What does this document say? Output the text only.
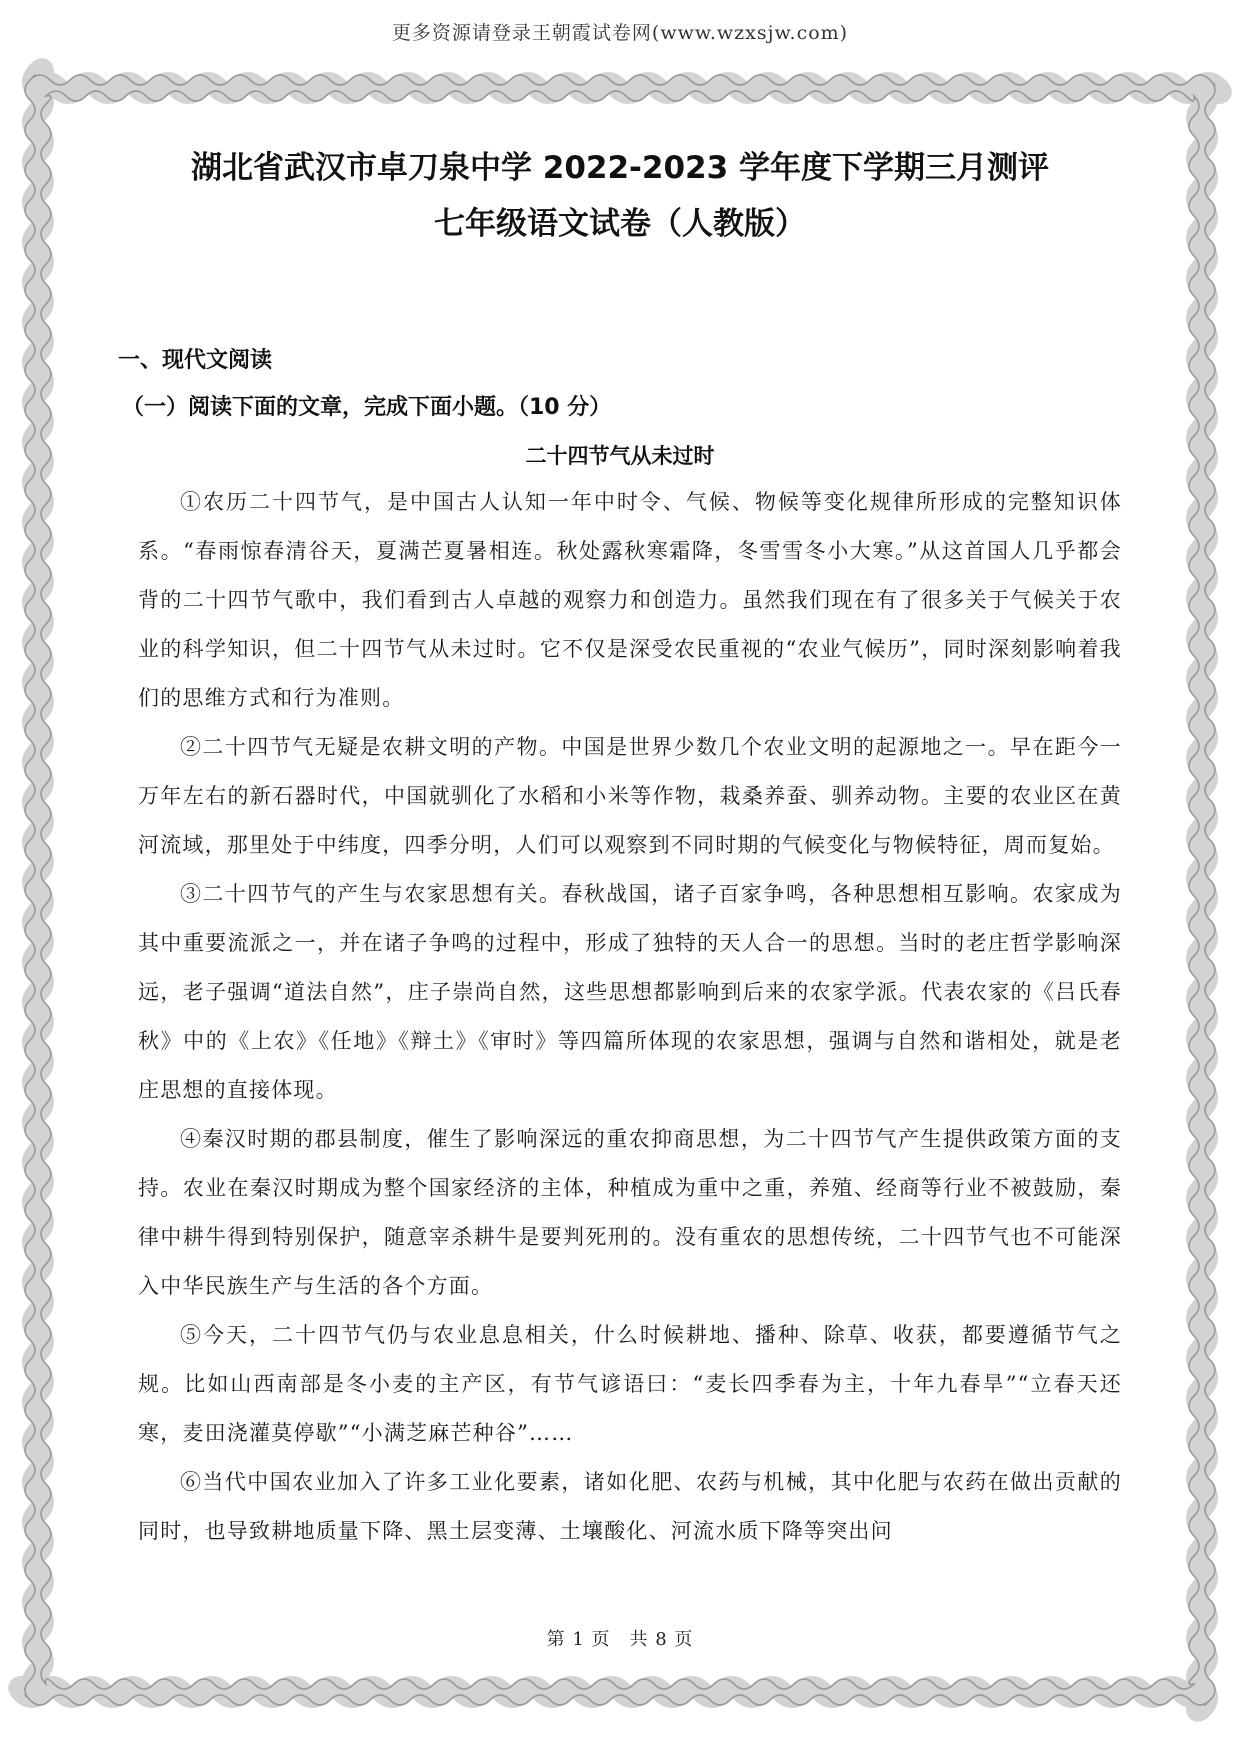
更多资源请登录王朝霞试卷网(www.wzxsjw.com)
湖北省武汉市卓刀泉中学 2022-2023 学年度下学期三月测评
七年级语文试卷（人教版）
一、现代文阅读
（一）阅读下面的文章，完成下面小题。（10 分）
二十四节气从未过时

①农历二十四节气，是中国古人认知一年中时令、气候、物候等变化规律所形成的完整知识体系。“春雨惊春清谷天，夏满芒夏暑相连。秋处露秋寒霜降，冬雪雪冬小大寒。”从这首国人几乎都会背的二十四节气歌中，我们看到古人卓越的观察力和创造力。虽然我们现在有了很多关于气候关于农业的科学知识，但二十四节气从未过时。它不仅是深受农民重视的“农业气候历”，同时深刻影响着我们的思维方式和行为准则。

②二十四节气无疑是农耕文明的产物。中国是世界少数几个农业文明的起源地之一。早在距今一万年左右的新石器时代，中国就驯化了水稻和小米等作物，栽桑养蚕、驯养动物。主要的农业区在黄河流域，那里处于中纬度，四季分明，人们可以观察到不同时期的气候变化与物候特征，周而复始。

③二十四节气的产生与农家思想有关。春秋战国，诸子百家争鸣，各种思想相互影响。农家成为其中重要流派之一，并在诸子争鸣的过程中，形成了独特的天人合一的思想。当时的老庄哲学影响深远，老子强调“道法自然”，庄子崇尚自然，这些思想都影响到后来的农家学派。代表农家的《吕氏春秋》中的《上农》《任地》《辩土》《审时》等四篇所体现的农家思想，强调与自然和谐相处，就是老庄思想的直接体现。

④秦汉时期的郡县制度，催生了影响深远的重农抑商思想，为二十四节气产生提供政策方面的支持。农业在秦汉时期成为整个国家经济的主体，种植成为重中之重，养殖、经商等行业不被鼓励，秦律中耕牛得到特别保护，随意宰杀耕牛是要判死刑的。没有重农的思想传统，二十四节气也不可能深入中华民族生产与生活的各个方面。

⑤今天，二十四节气仍与农业息息相关，什么时候耕地、播种、除草、收获，都要遵循节气之规。比如山西南部是冬小麦的主产区，有节气谚语曰：“麦长四季春为主，十年九春旱”“立春天还寒，麦田浇灌莫停歇”“小满芝麻芒种谷”……

⑥当代中国农业加入了许多工业化要素，诸如化肥、农药与机械，其中化肥与农药在做出贡献的同时，也导致耕地质量下降、黑土层变薄、土壤酸化、河流水质下降等突出问

第 1 页　共 8 页
